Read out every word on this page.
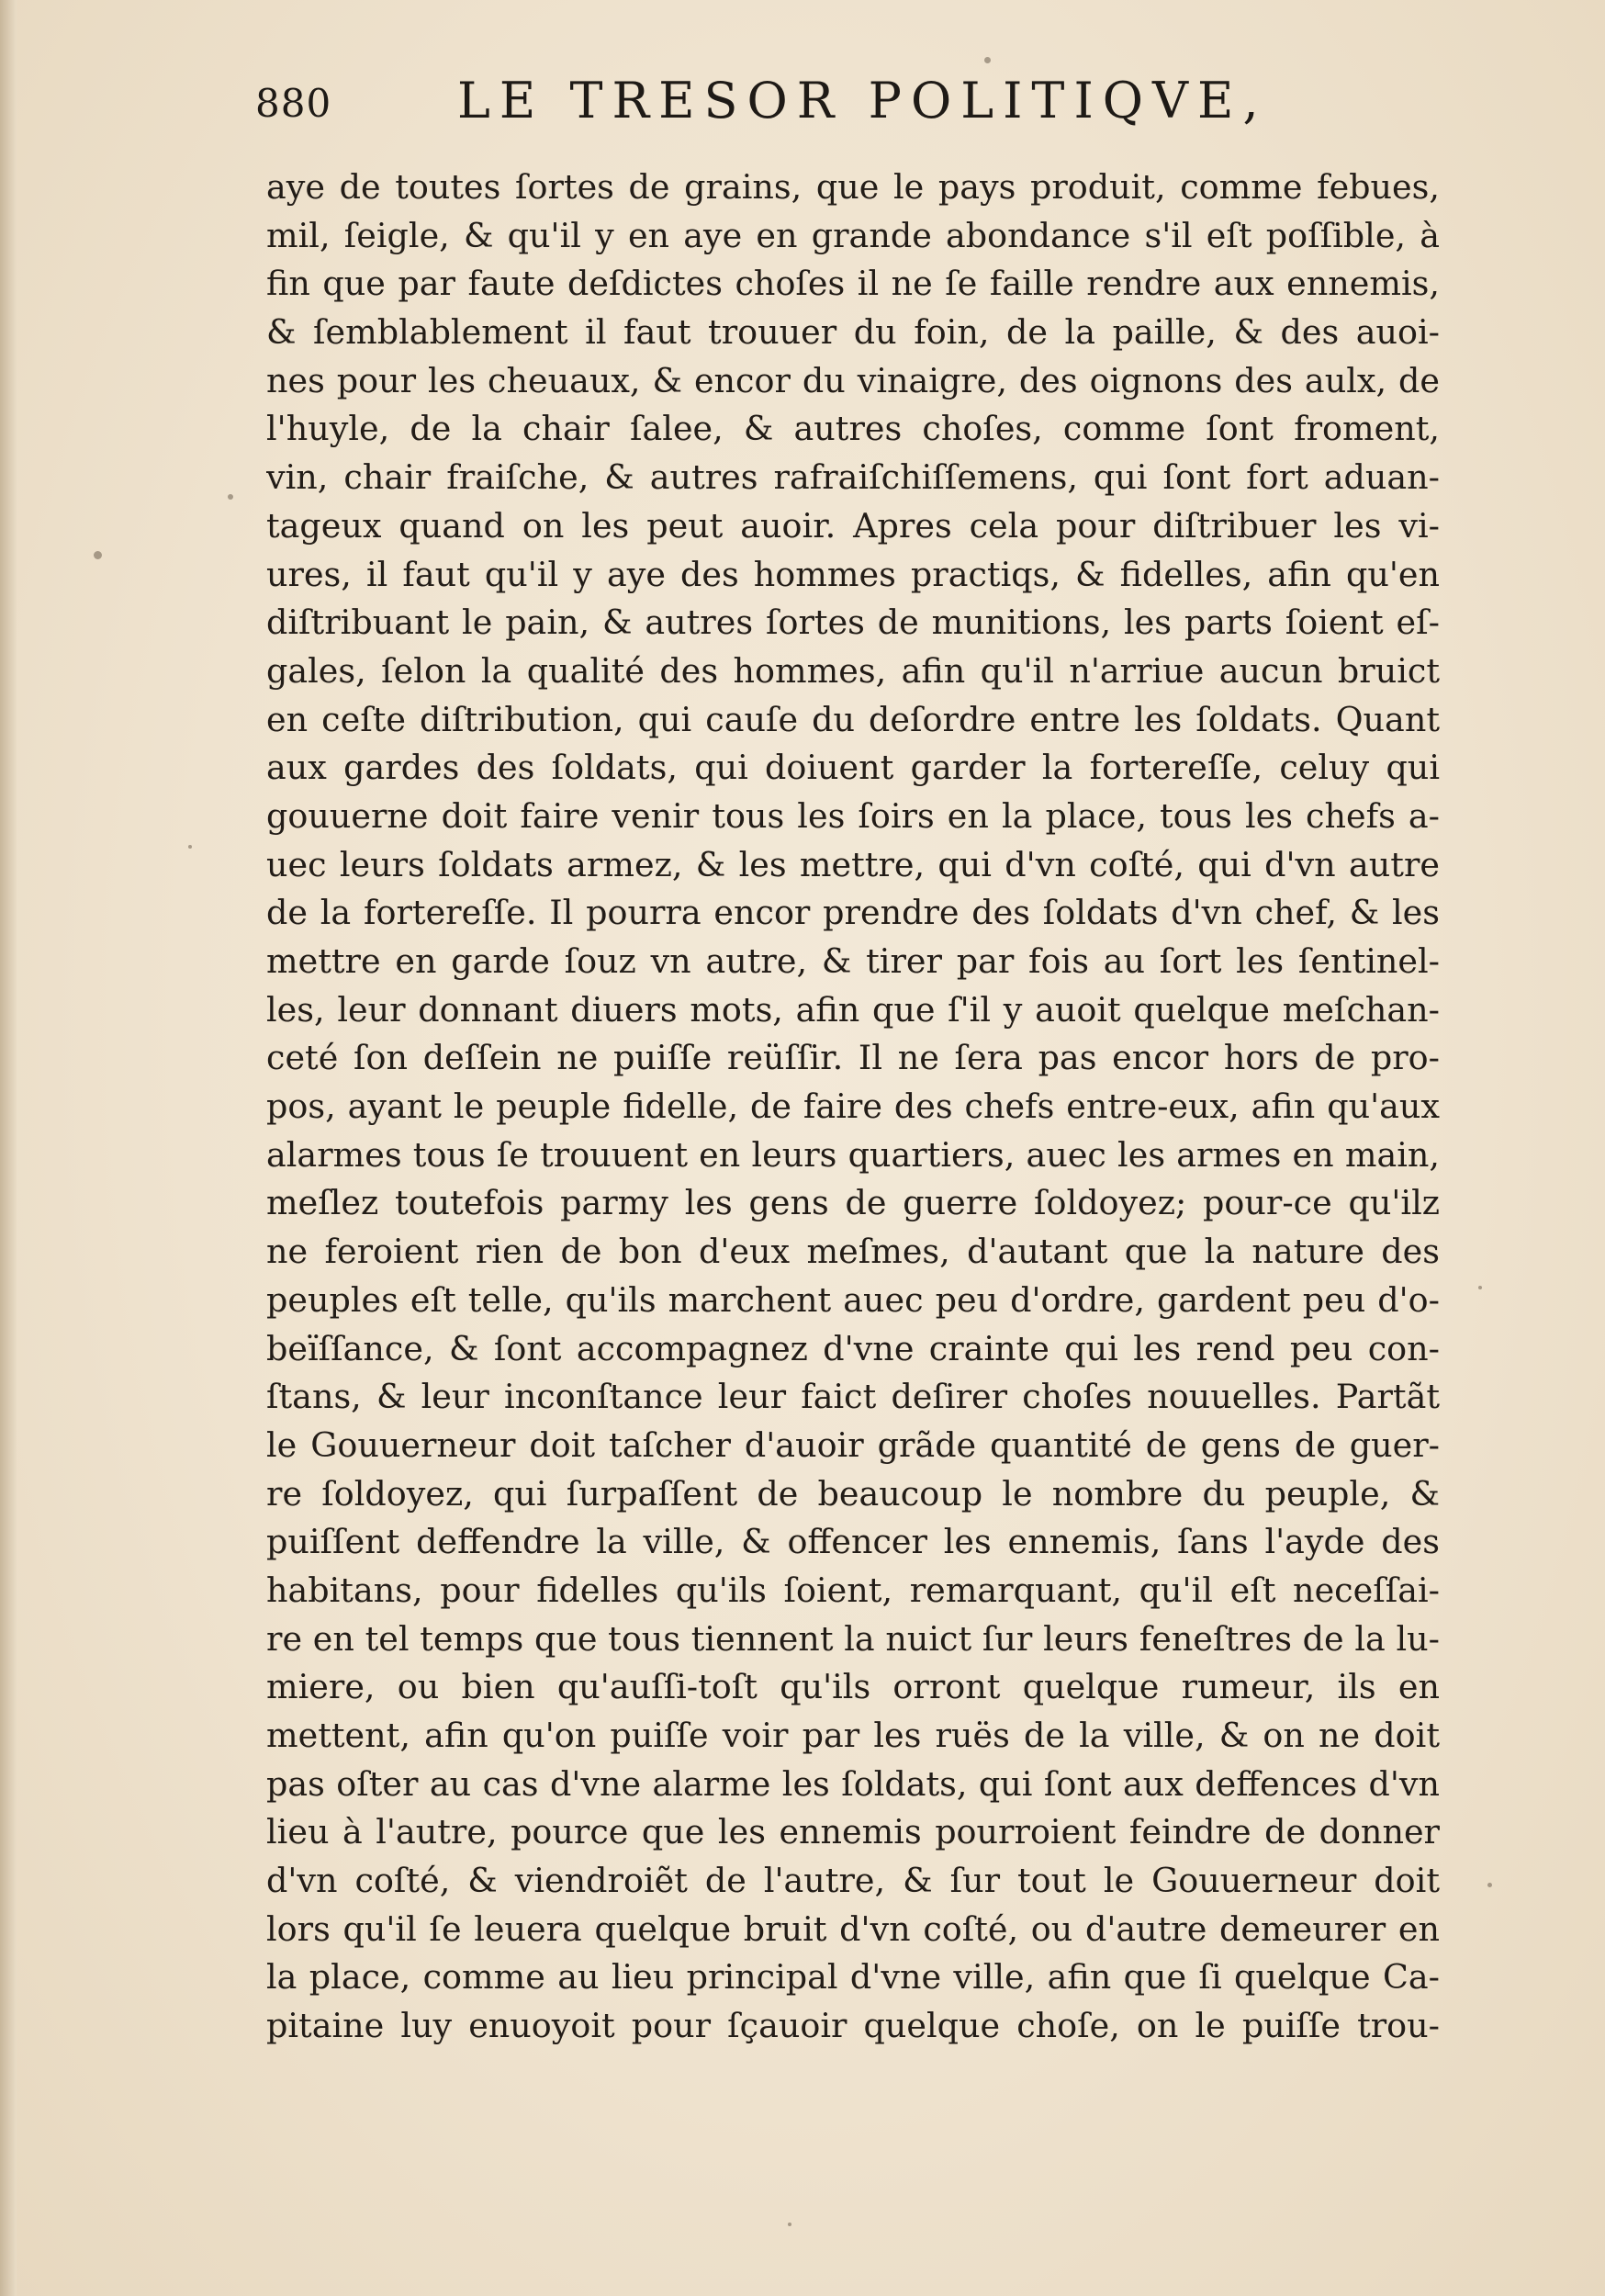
880	LE TRESOR POLITIQVE,
aye de toutes ſortes de grains, que le pays produit, comme febues,
mil, ſeigle, & qu'il y en aye en grande abondance s'il eſt poſſible, à
fin que par faute deſdictes choſes il ne ſe faille rendre aux ennemis,
& ſemblablement il faut trouuer du foin, de la paille, & des auoi-
nes pour les cheuaux, & encor du vinaigre, des oignons des aulx, de
l'huyle, de la chair ſalee, & autres choſes, comme ſont froment,
vin, chair fraiſche, & autres rafraiſchiſſemens, qui ſont fort aduan-
tageux quand on les peut auoir. Apres cela pour diſtribuer les vi-
ures, il faut qu'il y aye des hommes practiqs, & fidelles, afin qu'en
diſtribuant le pain, & autres ſortes de munitions, les parts ſoient eſ-
gales, ſelon la qualité des hommes, afin qu'il n'arriue aucun bruict
en ceſte diſtribution, qui cauſe du deſordre entre les ſoldats. Quant
aux gardes des ſoldats, qui doiuent garder la fortereſſe, celuy qui
gouuerne doit faire venir tous les ſoirs en la place, tous les chefs a-
uec leurs ſoldats armez, & les mettre, qui d'vn coſté, qui d'vn autre
de la fortereſſe. Il pourra encor prendre des ſoldats d'vn chef, & les
mettre en garde ſouz vn autre, & tirer par fois au ſort les ſentinel-
les, leur donnant diuers mots, afin que ſ'il y auoit quelque meſchan-
ceté ſon deſſein ne puiſſe reüſſir. Il ne ſera pas encor hors de pro-
pos, ayant le peuple fidelle, de faire des chefs entre-eux, afin qu'aux
alarmes tous ſe trouuent en leurs quartiers, auec les armes en main,
meſlez toutefois parmy les gens de guerre ſoldoyez; pour-ce qu'ilz
ne feroient rien de bon d'eux meſmes, d'autant que la nature des
peuples eſt telle, qu'ils marchent auec peu d'ordre, gardent peu d'o-
beïſſance, & ſont accompagnez d'vne crainte qui les rend peu con-
ſtans, & leur inconſtance leur faict deſirer choſes nouuelles. Partãt
le Gouuerneur doit taſcher d'auoir grãde quantité de gens de guer-
re ſoldoyez, qui ſurpaſſent de beaucoup le nombre du peuple, &
puiſſent deffendre la ville, & offencer les ennemis, ſans l'ayde des
habitans, pour fidelles qu'ils ſoient, remarquant, qu'il eſt neceſſai-
re en tel temps que tous tiennent la nuict ſur leurs feneſtres de la lu-
miere, ou bien qu'auſſi-toſt qu'ils orront quelque rumeur, ils en
mettent, afin qu'on puiſſe voir par les ruës de la ville, & on ne doit
pas oſter au cas d'vne alarme les ſoldats, qui ſont aux deffences d'vn
lieu à l'autre, pource que les ennemis pourroient feindre de donner
d'vn coſté, & viendroiẽt de l'autre, & ſur tout le Gouuerneur doit
lors qu'il ſe leuera quelque bruit d'vn coſté, ou d'autre demeurer en
la place, comme au lieu principal d'vne ville, afin que ſi quelque Ca-
pitaine luy enuoyoit pour ſçauoir quelque choſe, on le puiſſe trou-
